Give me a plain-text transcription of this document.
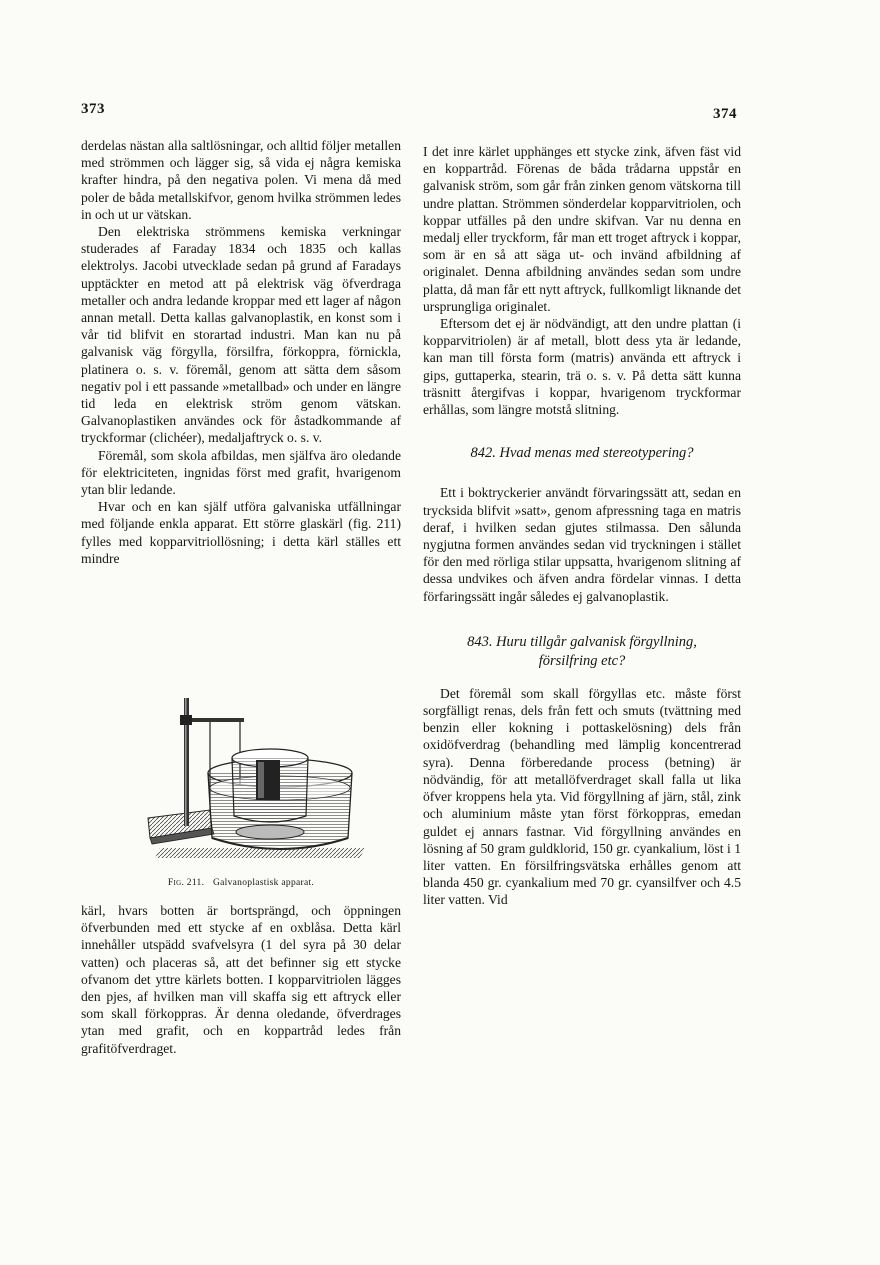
373	374

derdelas nästan alla saltlösningar, och alltid följer metallen med strömmen och lägger sig, så vida ej några kemiska krafter hindra, på den negativa polen. Vi mena då med poler de båda metallskifvor, genom hvilka strömmen ledes in och ut ur vätskan.

Den elektriska strömmens kemiska verkningar studerades af Faraday 1834 och 1835 och kallas elektrolys. Jacobi utvecklade sedan på grund af Faradays upptäckter en metod att på elektrisk väg öfverdraga metaller och andra ledande kroppar med ett lager af någon annan metall. Detta kallas galvanoplastik, en konst som i vår tid blifvit en storartad industri. Man kan nu på galvanisk väg förgylla, försilfra, förkoppra, förnickla, platinera o. s. v. föremål, genom att sätta dem såsom negativ pol i ett passande »metallbad» och under en längre tid leda en elektrisk ström genom vätskan. Galvanoplastiken användes ock för åstadkommande af tryckformar (clichéer), medaljaftryck o. s. v.

Föremål, som skola afbildas, men själfva äro oledande för elektriciteten, ingnidas först med grafit, hvarigenom ytan blir ledande.

Hvar och en kan själf utföra galvaniska utfällningar med följande enkla apparat. Ett större glaskärl (fig. 211) fylles med kopparvitriollösning; i detta kärl ställes ett mindre

Fig. 211. Galvanoplastisk apparat.

kärl, hvars botten är bortsprängd, och öppningen öfverbunden med ett stycke af en oxblåsa. Detta kärl innehåller utspädd svafvelsyra (1 del syra på 30 delar vatten) och placeras så, att det befinner sig ett stycke ofvanom det yttre kärlets botten. I kopparvitriolen lägges den pjes, af hvilken man vill skaffa sig ett aftryck eller som skall förkoppras. Är denna oledande, öfverdrages ytan med grafit, och en koppartråd ledes från grafitöfverdraget.

I det inre kärlet upphänges ett stycke zink, äfven fäst vid en koppartråd. Förenas de båda trådarna uppstår en galvanisk ström, som går från zinken genom vätskorna till undre plattan. Strömmen sönderdelar kopparvitriolen, och koppar utfälles på den undre skifvan. Var nu denna en medalj eller tryckform, får man ett troget aftryck i koppar, som är en så att säga ut- och invänd afbildning af originalet. Denna afbildning användes sedan som undre platta, då man får ett nytt aftryck, fullkomligt liknande det ursprungliga originalet.

Eftersom det ej är nödvändigt, att den undre plattan (i kopparvitriolen) är af metall, blott dess yta är ledande, kan man till första form (matris) använda ett aftryck i gips, guttaperka, stearin, trä o. s. v. På detta sätt kunna träsnitt återgifvas i koppar, hvarigenom tryckformar erhållas, som längre motstå slitning.

842. Hvad menas med stereotypering?

Ett i boktryckerier användt förvaringssätt att, sedan en trycksida blifvit »satt», genom afpressning taga en matris deraf, i hvilken sedan gjutes stilmassa. Den sålunda nygjutna formen användes sedan vid tryckningen i stället för den med rörliga stilar uppsatta, hvarigenom slitning af dessa undvikes och äfven andra fördelar vinnas. I detta förfaringssätt ingår således ej galvanoplastik.

843. Huru tillgår galvanisk förgyllning,
försilfring etc?

Det föremål som skall förgyllas etc. måste först sorgfälligt renas, dels från fett och smuts (tvättning med benzin eller kokning i pottaskelösning) dels från oxidöfverdrag (behandling med lämplig koncentrerad syra). Denna förberedande process (betning) är nödvändig, för att metallöfverdraget skall falla ut lika öfver kroppens hela yta. Vid förgyllning af järn, stål, zink och aluminium måste ytan först förkoppras, emedan guldet ej annars fastnar. Vid förgyllning användes en lösning af 50 gram guldklorid, 150 gr. cyankalium, löst i 1 liter vatten. En försilfringsvätska erhålles genom att blanda 450 gr. cyankalium med 70 gr. cyansilfver och 4.5 liter vatten. Vid
